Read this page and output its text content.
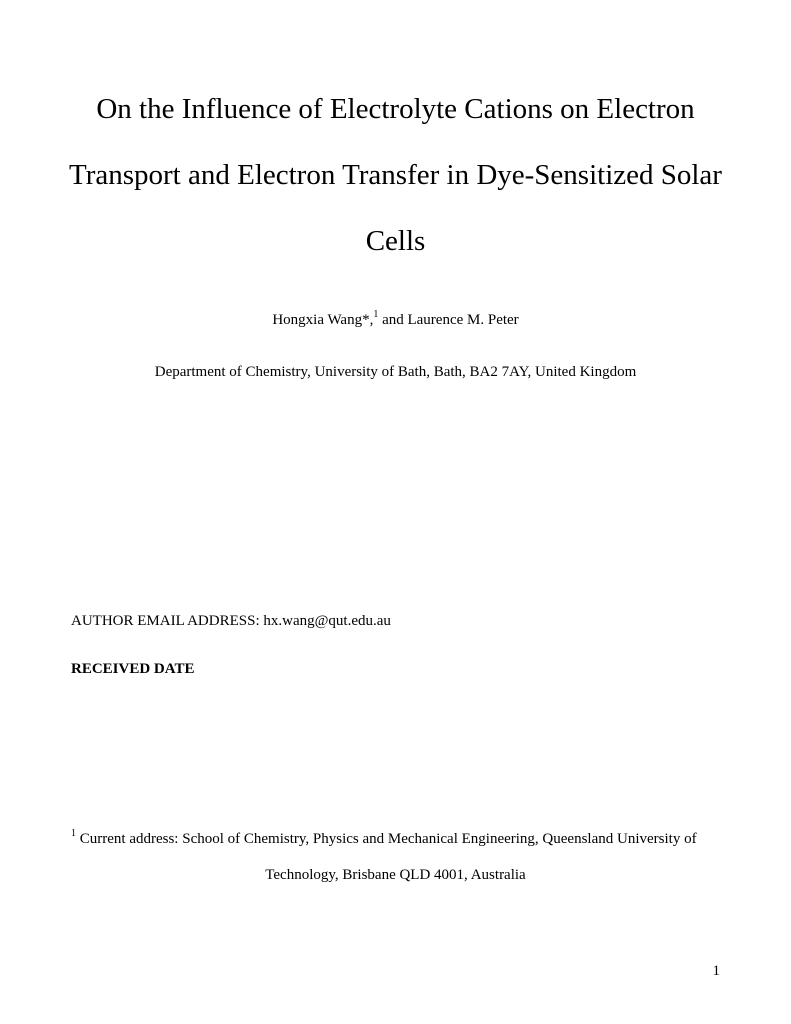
On the Influence of Electrolyte Cations on Electron
Transport and Electron Transfer in Dye-Sensitized Solar
Cells
Hongxia Wang*,$^1$ and Laurence M. Peter
Department of Chemistry, University of Bath, Bath, BA2 7AY, United Kingdom
AUTHOR EMAIL ADDRESS: hx.wang@qut.edu.au
RECEIVED DATE
$^1$ Current address: School of Chemistry, Physics and Mechanical Engineering, Queensland University of
Technology, Brisbane QLD 4001, Australia
1
